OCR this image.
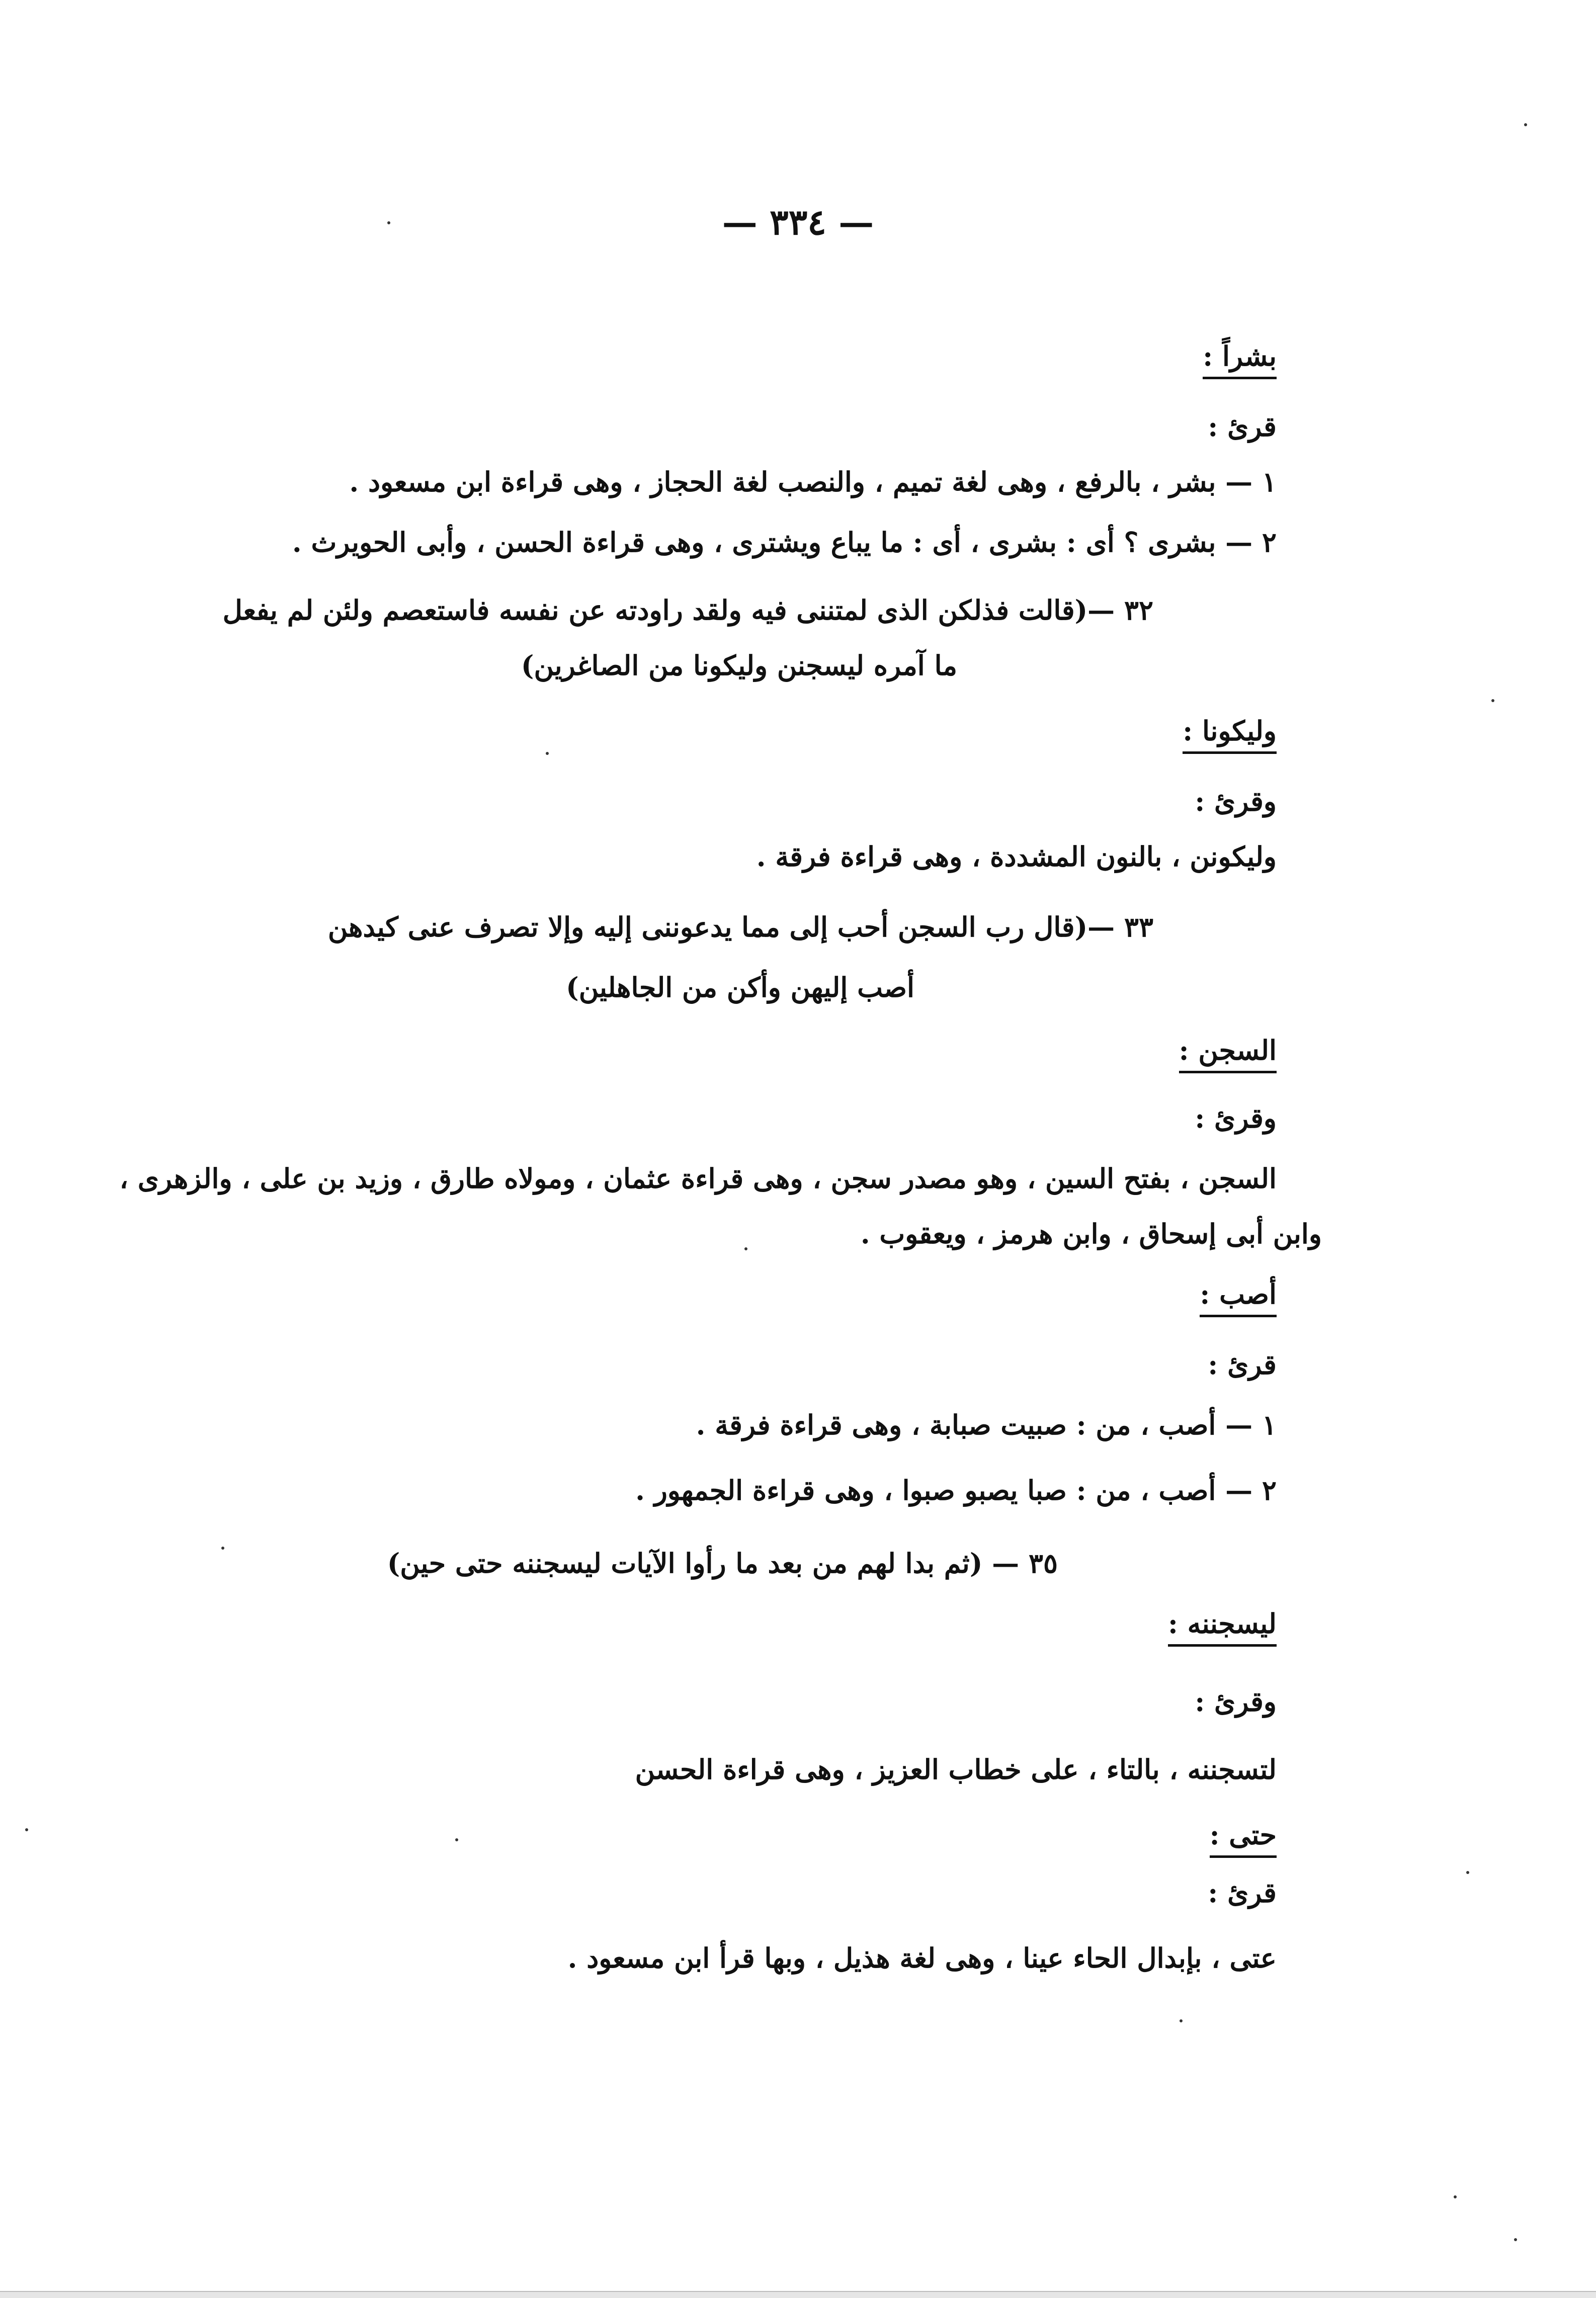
— ٣٣٤ —
بشراً :
قرئ :
١ — بشر ، بالرفع ، وهى لغة تميم ، والنصب لغة الحجاز ، وهى قراءة ابن مسعود .
٢ — بشرى ؟ أى : بشرى ، أى : ما يباع ويشترى ، وهى قراءة الحسن ، وأبى الحويرث .
٣٢ —(قالت فذلكن الذى لمتننى فيه ولقد راودته عن نفسه فاستعصم ولئن لم يفعل
ما آمره ليسجنن وليكونا من الصاغرين)
وليكونا :
وقرئ :
وليكونن ، بالنون المشددة ، وهى قراءة فرقة .
٣٣ —(قال رب السجن أحب إلى مما يدعوننى إليه وإلا تصرف عنى كيدهن
أصب إليهن وأكن من الجاهلين)
السجن :
وقرئ :
السجن ، بفتح السين ، وهو مصدر سجن ، وهى قراءة عثمان ، ومولاه طارق ، وزيد بن على ، والزهرى ،
وابن أبى إسحاق ، وابن هرمز ، ويعقوب .
أصب :
قرئ :
١ — أصب ، من : صبيت صبابة ، وهى قراءة فرقة .
٢ — أصب ، من : صبا يصبو صبوا ، وهى قراءة الجمهور .
٣٥ — (ثم بدا لهم من بعد ما رأوا الآيات ليسجننه حتى حين)
ليسجننه :
وقرئ :
لتسجننه ، بالتاء ، على خطاب العزيز ، وهى قراءة الحسن
حتى :
قرئ :
عتى ، بإبدال الحاء عينا ، وهى لغة هذيل ، وبها قرأ ابن مسعود .
